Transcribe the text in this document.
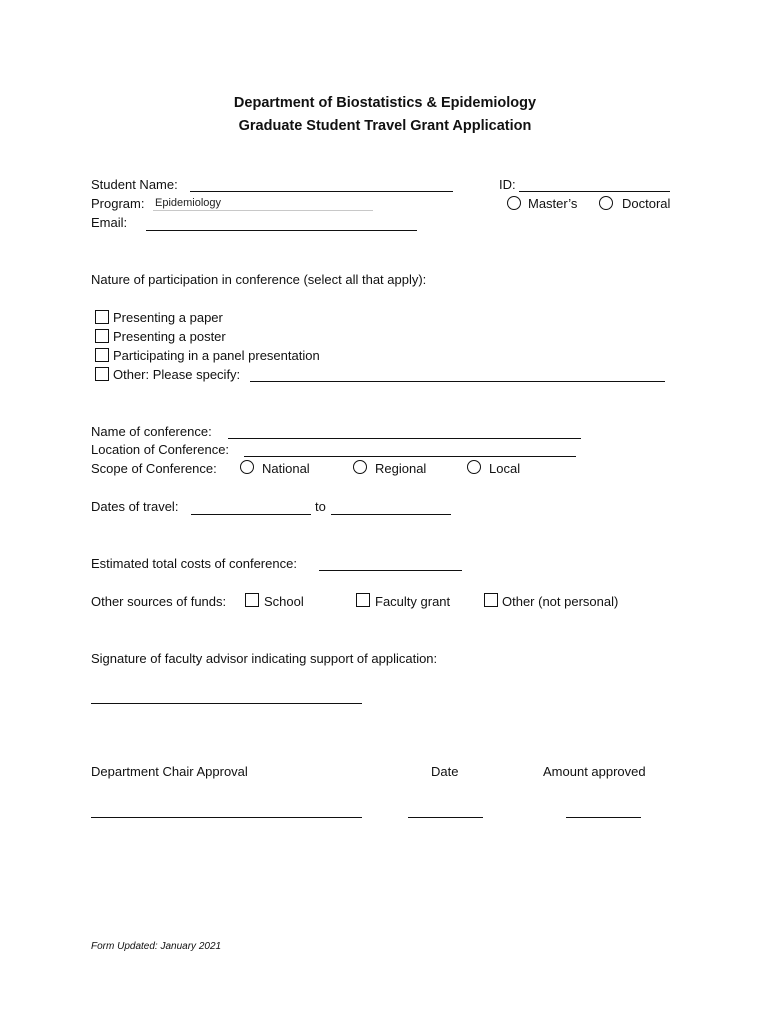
Department of Biostatistics & Epidemiology
Graduate Student Travel Grant Application
Student Name:	ID:
Program:
Epidemiology	Master’s	Doctoral
Email:
Nature of participation in conference (select all that apply):
Presenting a paper
Presenting a poster
Participating in a panel presentation
Other: Please specify:
Name of conference:
Location of Conference:
Scope of Conference:	National	Regional	Local
Dates of travel:	to
Estimated total costs of conference:
Other sources of funds:	School	Faculty grant	Other (not personal)
Signature of faculty advisor indicating support of application:
Department Chair Approval	Date	Amount approved
Form Updated: January 2021
